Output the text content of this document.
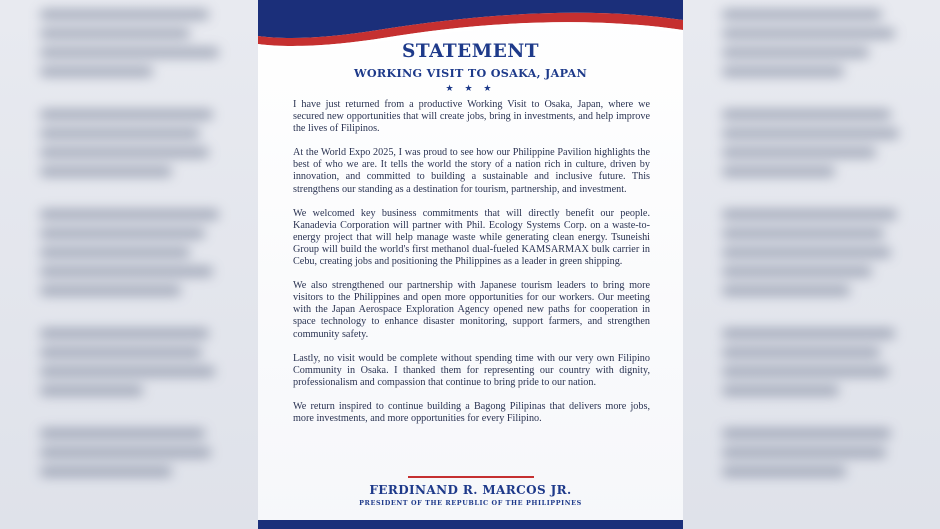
STATEMENT
WORKING VISIT TO OSAKA, JAPAN
★ ★ ★

I have just returned from a productive Working Visit to Osaka, Japan, where we secured new opportunities that will create jobs, bring in investments, and help improve the lives of Filipinos.

At the World Expo 2025, I was proud to see how our Philippine Pavilion highlights the best of who we are. It tells the world the story of a nation rich in culture, driven by innovation, and committed to building a sustainable and inclusive future. This strengthens our standing as a destination for tourism, partnership, and investment.

We welcomed key business commitments that will directly benefit our people. Kanadevia Corporation will partner with Phil. Ecology Systems Corp. on a waste-to-energy project that will help manage waste while generating clean energy. Tsuneishi Group will build the world's first methanol dual-fueled KAMSARMAX bulk carrier in Cebu, creating jobs and positioning the Philippines as a leader in green shipping.

We also strengthened our partnership with Japanese tourism leaders to bring more visitors to the Philippines and open more opportunities for our workers. Our meeting with the Japan Aerospace Exploration Agency opened new paths for cooperation in space technology to enhance disaster monitoring, support farmers, and strengthen community safety.

Lastly, no visit would be complete without spending time with our very own Filipino Community in Osaka. I thanked them for representing our country with dignity, professionalism and compassion that continue to bring pride to our nation.

We return inspired to continue building a Bagong Pilipinas that delivers more jobs, more investments, and more opportunities for every Filipino.

FERDINAND R. MARCOS JR.
PRESIDENT OF THE REPUBLIC OF THE PHILIPPINES
